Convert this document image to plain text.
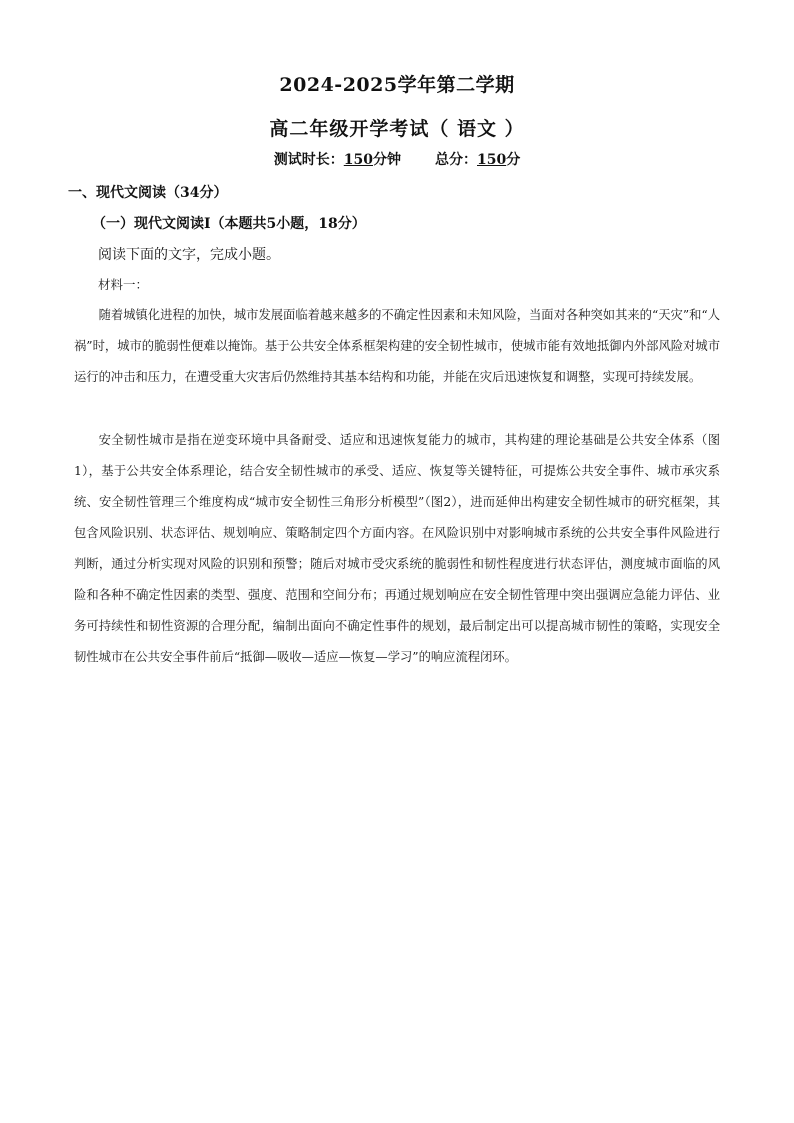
2024-2025学年第二学期
高二年级开学考试（ 语文 ）
测试时长：150分钟 总分：150分
一、现代文阅读（34分）
（一）现代文阅读Ⅰ（本题共5小题，18分）
阅读下面的文字，完成小题。
材料一：

随着城镇化进程的加快，城市发展面临着越来越多的不确定性因素和未知风险，当面对各种突如其来的“天灾”和“人祸”时，城市的脆弱性便难以掩饰。基于公共安全体系框架构建的安全韧性城市，使城市能有效地抵御内外部风险对城市运行的冲击和压力，在遭受重大灾害后仍然维持其基本结构和功能，并能在灾后迅速恢复和调整，实现可持续发展。

安全韧性城市是指在逆变环境中具备耐受、适应和迅速恢复能力的城市，其构建的理论基础是公共安全体系（图1），基于公共安全体系理论，结合安全韧性城市的承受、适应、恢复等关键特征，可提炼公共安全事件、城市承灾系统、安全韧性管理三个维度构成“城市安全韧性三角形分析模型”（图2），进而延伸出构建安全韧性城市的研究框架，其包含风险识别、状态评估、规划响应、策略制定四个方面内容。在风险识别中对影响城市系统的公共安全事件风险进行判断，通过分析实现对风险的识别和预警；随后对城市受灾系统的脆弱性和韧性程度进行状态评估，测度城市面临的风险和各种不确定性因素的类型、强度、范围和空间分布；再通过规划响应在安全韧性管理中突出强调应急能力评估、业务可持续性和韧性资源的合理分配，编制出面向不确定性事件的规划，最后制定出可以提高城市韧性的策略，实现安全韧性城市在公共安全事件前后“抵御—吸收—适应—恢复—学习”的响应流程闭环。
